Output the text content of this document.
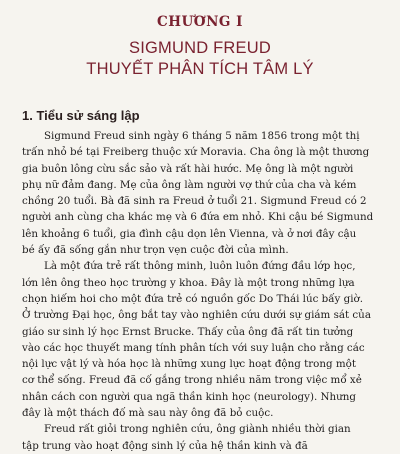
CHƯƠNG I
SIGMUND FREUD
THUYẾT PHÂN TÍCH TÂM LÝ
1. Tiểu sử sáng lập
Sigmund Freud sinh ngày 6 tháng 5 năm 1856 trong một thị
trấn nhỏ bé tại Freiberg thuộc xứ Moravia. Cha ông là một thương
gia buôn lông cừu sắc sảo và rất hài hước. Mẹ ông là một người
phụ nữ đảm đang. Mẹ của ông làm người vợ thứ của cha và kém
chồng 20 tuổi. Bà đã sinh ra Freud ở tuổi 21. Sigmund Freud có 2
người anh cùng cha khác mẹ và 6 đứa em nhỏ. Khi cậu bé Sigmund
lên khoảng 6 tuổi, gia đình cậu dọn lên Vienna, và ở nơi đây cậu
bé ấy đã sống gắn như trọn vẹn cuộc đời của mình.
Là một đứa trẻ rất thông minh, luôn luôn đứng đầu lớp học,
lớn lên ông theo học trường y khoa. Đây là một trong những lựa
chọn hiếm hoi cho một đứa trẻ có nguồn gốc Do Thái lúc bấy giờ.
Ở trường Đại học, ông bắt tay vào nghiên cứu dưới sự giám sát của
giáo sư sinh lý học Ernst Brucke. Thấy của ông đã rất tin tưởng
vào các học thuyết mang tính phân tích với suy luận cho rằng các
nội lực vật lý và hóa học là những xung lực hoạt động trong một
cơ thể sống. Freud đã cố gắng trong nhiều năm trong việc mổ xẻ
nhân cách con người qua ngã thần kinh học (neurology). Nhưng
đây là một thách đố mà sau này ông đã bỏ cuộc.
Freud rất giỏi trong nghiên cứu, ông giành nhiều thời gian
tập trung vào hoạt động sinh lý của hệ thần kinh và đã
